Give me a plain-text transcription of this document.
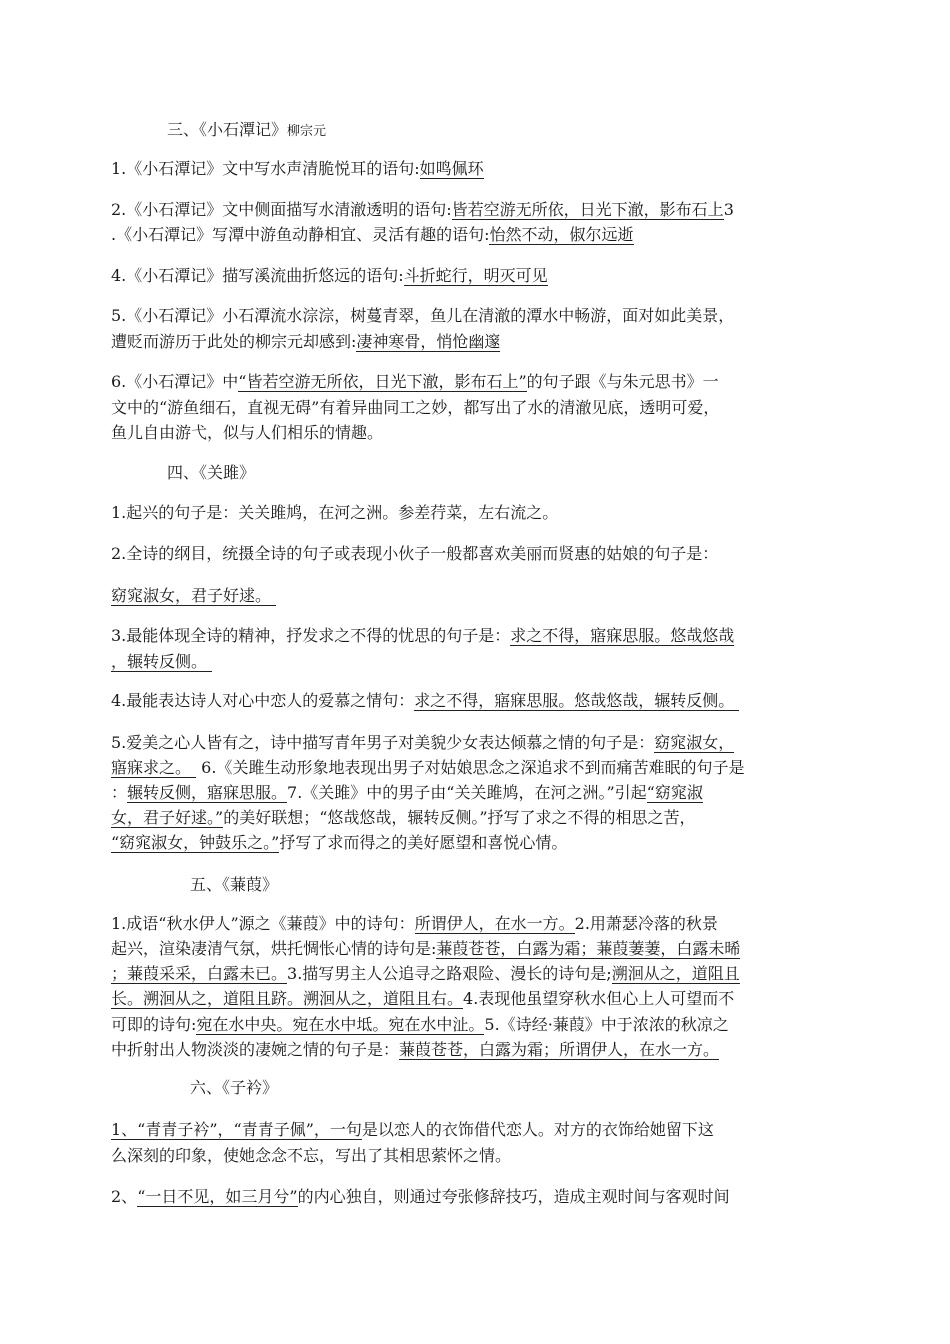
三、《小石潭记》柳宗元
1.《小石潭记》文中写水声清脆悦耳的语句:如鸣佩环
2.《小石潭记》文中侧面描写水清澈透明的语句:皆若空游无所依，日光下澈，影布石上3
.《小石潭记》写潭中游鱼动静相宜、灵活有趣的语句:怡然不动，俶尔远逝
4.《小石潭记》描写溪流曲折悠远的语句:斗折蛇行，明灭可见
5.《小石潭记》小石潭流水淙淙，树蔓青翠，鱼儿在清澈的潭水中畅游，面对如此美景，
遭贬而游历于此处的柳宗元却感到:凄神寒骨，悄怆幽邃
6.《小石潭记》中“皆若空游无所依，日光下澈，影布石上”的句子跟《与朱元思书》一
文中的“游鱼细石，直视无碍”有着异曲同工之妙，都写出了水的清澈见底，透明可爱，
鱼儿自由游弋，似与人们相乐的情趣。
四、《关雎》
1.起兴的句子是：关关雎鸠，在河之洲。参差荇菜，左右流之。
2.全诗的纲目，统摄全诗的句子或表现小伙子一般都喜欢美丽而贤惠的姑娘的句子是：
窈窕淑女，君子好逑。
3.最能体现全诗的精神，抒发求之不得的忧思的句子是：求之不得，寤寐思服。悠哉悠哉
，辗转反侧。
4.最能表达诗人对心中恋人的爱慕之情句：求之不得，寤寐思服。悠哉悠哉，辗转反侧。
5.爱美之心人皆有之，诗中描写青年男子对美貌少女表达倾慕之情的句子是：窈窕淑女，
寤寐求之。  6.《关雎生动形象地表现出男子对姑娘思念之深追求不到而痛苦难眠的句子是
：辗转反侧，寤寐思服。7.《关雎》中的男子由“关关雎鸠，在河之洲。”引起“窈窕淑
女，君子好逑。”的美好联想；“悠哉悠哉，辗转反侧。”抒写了求之不得的相思之苦，
“窈窕淑女，钟鼓乐之。”抒写了求而得之的美好愿望和喜悦心情。
五、《蒹葭》
1.成语“秋水伊人”源之《蒹葭》中的诗句：所谓伊人，在水一方。2.用萧瑟冷落的秋景
起兴，渲染凄清气氛，烘托惆怅心情的诗句是:蒹葭苍苍，白露为霜；蒹葭萋萋，白露未晞
；蒹葭采采，白露未已。3.描写男主人公追寻之路艰险、漫长的诗句是;溯洄从之，道阻且
长。溯洄从之，道阻且跻。溯洄从之，道阻且右。4.表现他虽望穿秋水但心上人可望而不
可即的诗句:宛在水中央。宛在水中坻。宛在水中沚。5.《诗经·蒹葭》中于浓浓的秋凉之
中折射出人物淡淡的凄婉之情的句子是：蒹葭苍苍，白露为霜；所谓伊人，在水一方。
六、《子衿》
1、“青青子衿”，“青青子佩”，一句是以恋人的衣饰借代恋人。对方的衣饰给她留下这
么深刻的印象，使她念念不忘，写出了其相思萦怀之情。
2、“一日不见，如三月兮”的内心独自，则通过夸张修辞技巧，造成主观时间与客观时间
